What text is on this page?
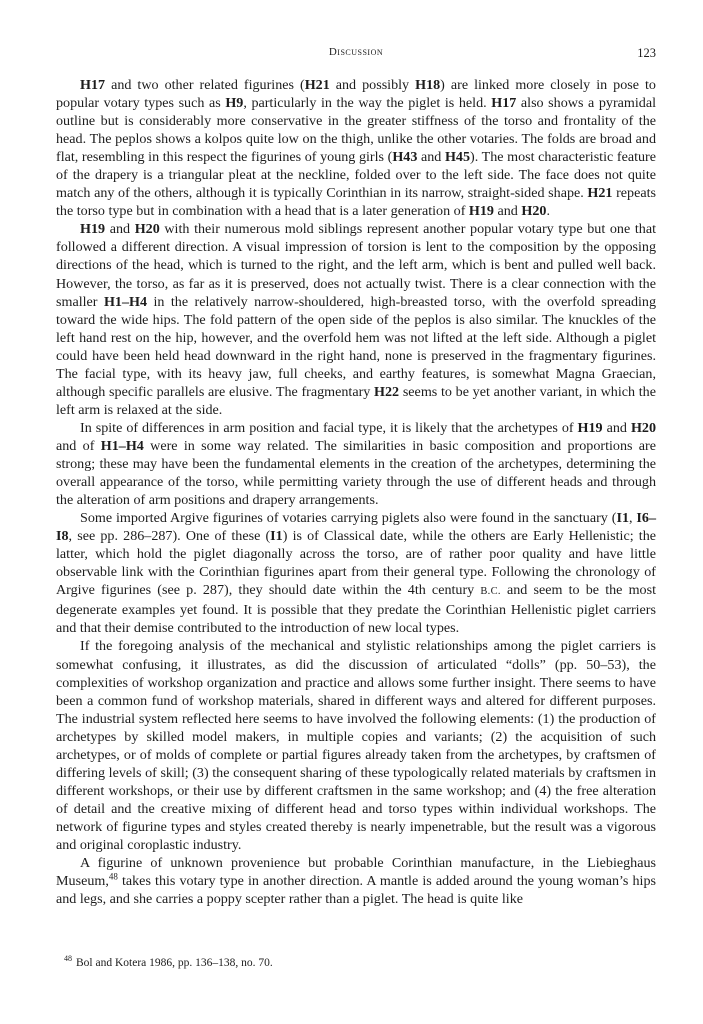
Discussion	123

H17 and two other related figurines (H21 and possibly H18) are linked more closely in pose to popular votary types such as H9, particularly in the way the piglet is held. H17 also shows a pyramidal outline but is considerably more conservative in the greater stiffness of the torso and frontality of the head. The peplos shows a kolpos quite low on the thigh, unlike the other votaries. The folds are broad and flat, resembling in this respect the figurines of young girls (H43 and H45). The most characteristic feature of the drapery is a triangular pleat at the neckline, folded over to the left side. The face does not quite match any of the others, although it is typically Corinthian in its narrow, straight-sided shape. H21 repeats the torso type but in combination with a head that is a later generation of H19 and H20.

H19 and H20 with their numerous mold siblings represent another popular votary type but one that followed a different direction. A visual impression of torsion is lent to the composition by the opposing directions of the head, which is turned to the right, and the left arm, which is bent and pulled well back. However, the torso, as far as it is preserved, does not actually twist. There is a clear connection with the smaller H1–H4 in the relatively narrow-shouldered, high-breasted torso, with the overfold spreading toward the wide hips. The fold pattern of the open side of the peplos is also similar. The knuckles of the left hand rest on the hip, however, and the overfold hem was not lifted at the left side. Although a piglet could have been held head downward in the right hand, none is preserved in the fragmentary figurines. The facial type, with its heavy jaw, full cheeks, and earthy features, is somewhat Magna Graecian, although specific parallels are elusive. The fragmentary H22 seems to be yet another variant, in which the left arm is relaxed at the side.

In spite of differences in arm position and facial type, it is likely that the archetypes of H19 and H20 and of H1–H4 were in some way related. The similarities in basic composition and proportions are strong; these may have been the fundamental elements in the creation of the archetypes, determining the overall appearance of the torso, while permitting variety through the use of different heads and through the alteration of arm positions and drapery arrangements.

Some imported Argive figurines of votaries carrying piglets also were found in the sanctuary (I1, I6–I8, see pp. 286–287). One of these (I1) is of Classical date, while the others are Early Hellenistic; the latter, which hold the piglet diagonally across the torso, are of rather poor quality and have little observable link with the Corinthian figurines apart from their general type. Following the chronology of Argive figurines (see p. 287), they should date within the 4th century B.C. and seem to be the most degenerate examples yet found. It is possible that they predate the Corinthian Hellenistic piglet carriers and that their demise contributed to the introduction of new local types.

If the foregoing analysis of the mechanical and stylistic relationships among the piglet carriers is somewhat confusing, it illustrates, as did the discussion of articulated “dolls” (pp. 50–53), the complexities of workshop organization and practice and allows some further insight. There seems to have been a common fund of workshop materials, shared in different ways and altered for different purposes. The industrial system reflected here seems to have involved the following elements: (1) the production of archetypes by skilled model makers, in multiple copies and variants; (2) the acquisition of such archetypes, or of molds of complete or partial figures already taken from the archetypes, by craftsmen of differing levels of skill; (3) the consequent sharing of these typologically related materials by craftsmen in different workshops, or their use by different craftsmen in the same workshop; and (4) the free alteration of detail and the creative mixing of different head and torso types within individual workshops. The network of figurine types and styles created thereby is nearly impenetrable, but the result was a vigorous and original coroplastic industry.

A figurine of unknown provenience but probable Corinthian manufacture, in the Liebieghaus Museum,$^{48}$ takes this votary type in another direction. A mantle is added around the young woman’s hips and legs, and she carries a poppy scepter rather than a piglet. The head is quite like

$^{48}$ Bol and Kotera 1986, pp. 136–138, no. 70.
